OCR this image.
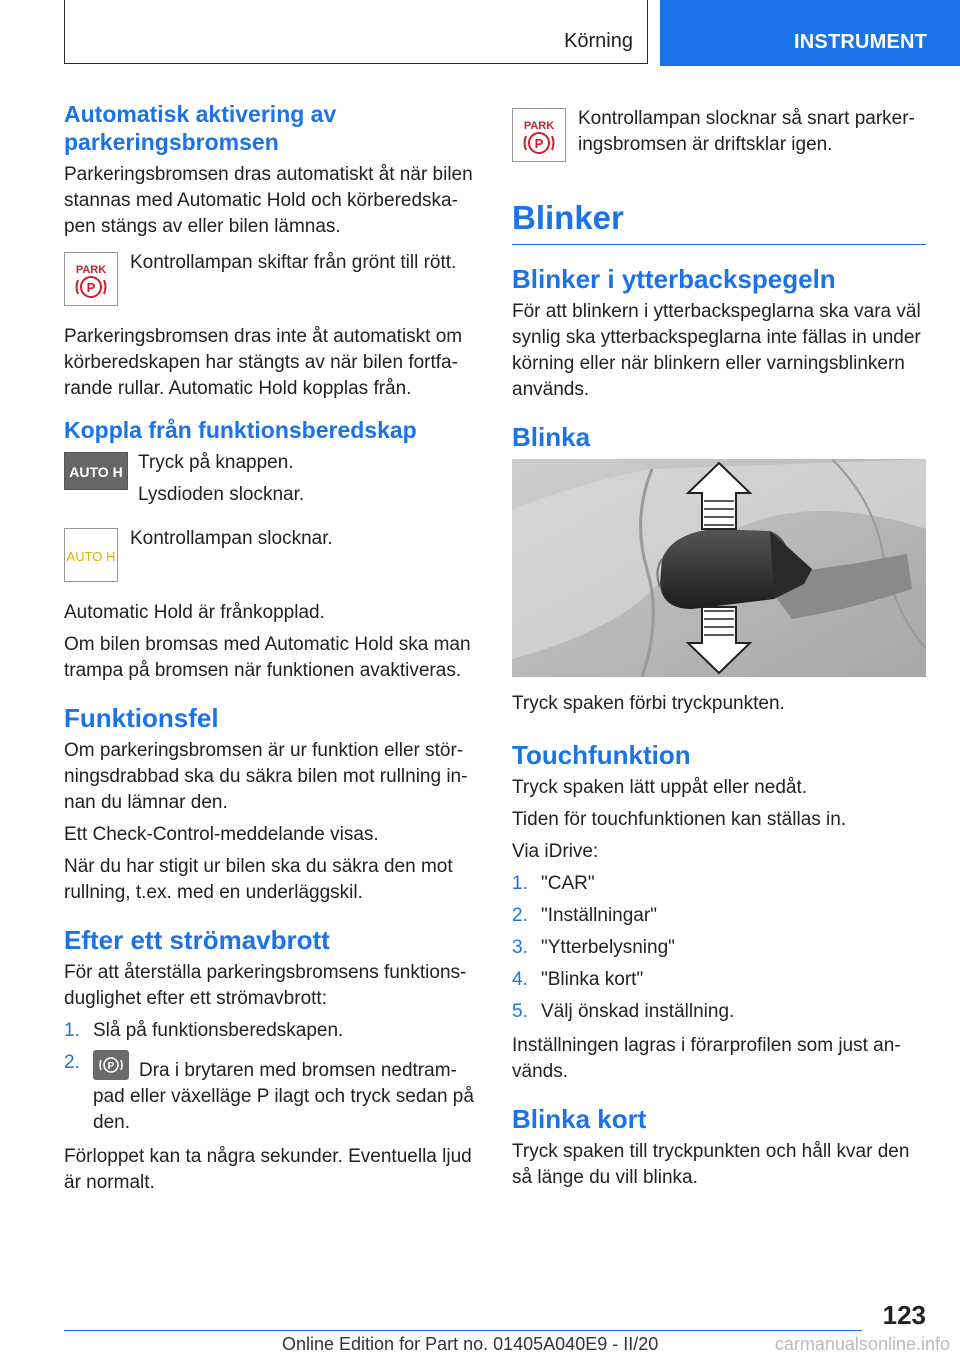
Körning	INSTRUMENT
Automatisk aktivering av parkeringsbromsen

Parkeringsbromsen dras automatiskt åt när bilen stannas med Automatic Hold och körberedskapen stängs av eller bilen lämnas.

PARK
P

Kontrollampan skiftar från grönt till rött.

Parkeringsbromsen dras inte åt automatiskt om körberedskapen har stängts av när bilen fortfarande rullar. Automatic Hold kopplas från.

Koppla från funktionsberedskap
AUTO H Tryck på knappen.

Lysdioden slocknar.

AUTO H

Kontrollampan slocknar.

Automatic Hold är frånkopplad.

Om bilen bromsas med Automatic Hold ska man trampa på bromsen när funktionen avaktiveras.

Funktionsfel

Om parkeringsbromsen är ur funktion eller störningsdrabbad ska du säkra bilen mot rullning innan du lämnar den.

Ett Check-Control-meddelande visas.

När du har stigit ur bilen ska du säkra den mot rullning, t.ex. med en underläggskil.

Efter ett strömavbrott

För att återställa parkeringsbromsens funktionsduglighet efter ett strömavbrott:

1. Slå på funktionsberedskapen.
2.	P Dra i brytaren med bromsen nedtrampad eller växelläge P ilagt och tryck sedan på den.

Förloppet kan ta några sekunder. Eventuella ljud är normalt.

PARK
P

Kontrollampan slocknar så snart parkeringsbromsen är driftsklar igen.

Blinker
Blinker i ytterbackspegeln

För att blinkern i ytterbackspeglarna ska vara väl synlig ska ytterbackspeglarna inte fällas in under körning eller när blinkern eller varningsblinkern används.

Blinka

Tryck spaken förbi tryckpunkten.

Touchfunktion

Tryck spaken lätt uppåt eller nedåt.

Tiden för touchfunktionen kan ställas in.

Via iDrive:

1. "CAR"
2. "Inställningar"
3. "Ytterbelysning"
4. "Blinka kort"
5. Välj önskad inställning.

Inställningen lagras i förarprofilen som just används.

Blinka kort

Tryck spaken till tryckpunkten och håll kvar den så länge du vill blinka.

123
Online Edition for Part no. 01405A040E9 - II/20	carmanualsonline.info
